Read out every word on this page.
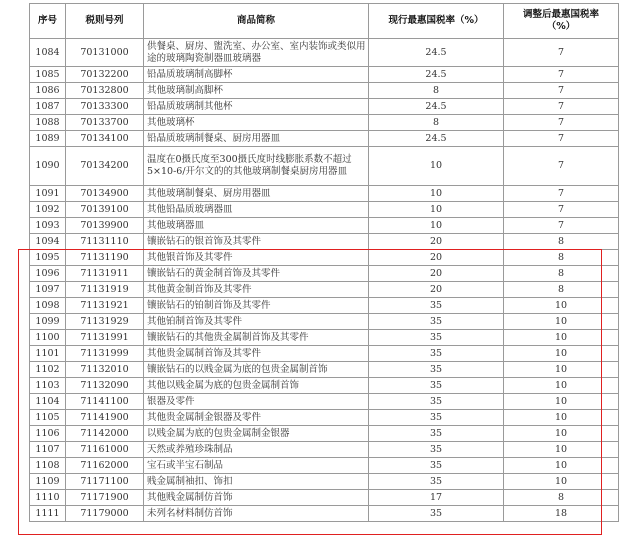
序号	税则号列	商品简称	现行最惠国税率（%）	调整后最惠国税率
（%）

1084	70131000	供餐桌、厨房、盥洗室、办公室、室内装饰或类似用途的玻璃陶瓷制器皿玻璃器	24.5	7
1085	70132200	铅晶质玻璃制高脚杯	24.5	7
1086	70132800	其他玻璃制高脚杯	8	7
1087	70133300	铅晶质玻璃制其他杯	24.5	7
1088	70133700	其他玻璃杯	8	7
1089	70134100	铅晶质玻璃制餐桌、厨房用器皿	24.5	7
1090	70134200	温度在0摄氏度至300摄氏度时线膨胀系数不超过5×10-6/开尔文的的其他玻璃制餐桌厨房用器皿	10	7
1091	70134900	其他玻璃制餐桌、厨房用器皿	10	7
1092	70139100	其他铅晶质玻璃器皿	10	7
1093	70139900	其他玻璃器皿	10	7
1094	71131110	镶嵌钻石的银首饰及其零件	20	8
1095	71131190	其他银首饰及其零件	20	8
1096	71131911	镶嵌钻石的黄金制首饰及其零件	20	8
1097	71131919	其他黄金制首饰及其零件	20	8
1098	71131921	镶嵌钻石的铂制首饰及其零件	35	10
1099	71131929	其他铂制首饰及其零件	35	10
1100	71131991	镶嵌钻石的其他贵金属制首饰及其零件	35	10
1101	71131999	其他贵金属制首饰及其零件	35	10
1102	71132010	镶嵌钻石的以贱金属为底的包贵金属制首饰	35	10
1103	71132090	其他以贱金属为底的包贵金属制首饰	35	10
1104	71141100	银器及零件	35	10
1105	71141900	其他贵金属制金银器及零件	35	10
1106	71142000	以贱金属为底的包贵金属制金银器	35	10
1107	71161000	天然或养殖珍珠制品	35	10
1108	71162000	宝石或半宝石制品	35	10
1109	71171100	贱金属制袖扣、饰扣	35	10
1110	71171900	其他贱金属制仿首饰	17	8
1111	71179000	未列名材料制仿首饰	35	18
